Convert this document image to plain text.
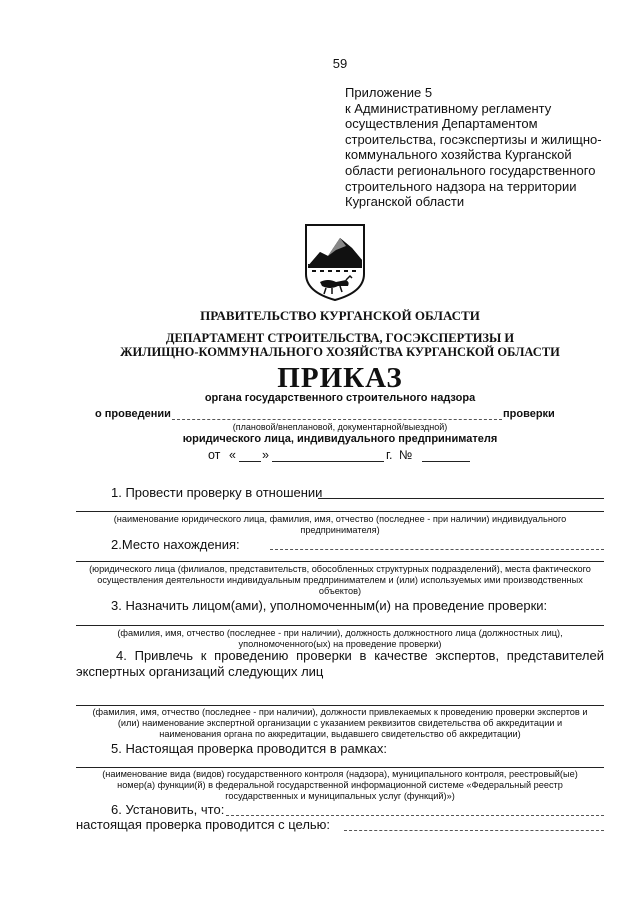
59
Приложение 5
к Административному регламенту
осуществления Департаментом
строительства, госэкспертизы и жилищно-
коммунального хозяйства Курганской
области регионального государственного
строительного надзора на территории
Курганской области
ПРАВИТЕЛЬСТВО КУРГАНСКОЙ ОБЛАСТИ
ДЕПАРТАМЕНТ СТРОИТЕЛЬСТВА, ГОСЭКСПЕРТИЗЫ И
ЖИЛИЩНО-КОММУНАЛЬНОГО ХОЗЯЙСТВА КУРГАНСКОЙ ОБЛАСТИ
ПРИКАЗ
органа государственного строительного надзора
о проведении	проверки
(плановой/внеплановой, документарной/выездной)
юридического лица, индивидуального предпринимателя
от « »	г. №
1. Провести проверку в отношении
(наименование юридического лица, фамилия, имя, отчество (последнее - при наличии) индивидуального
предпринимателя)
2.Место нахождения:
(юридического лица (филиалов, представительств, обособленных структурных подразделений), места фактического
осуществления деятельности индивидуальным предпринимателем и (или) используемых ими производственных
объектов)
3. Назначить лицом(ами), уполномоченным(и) на проведение проверки:
(фамилия, имя, отчество (последнее - при наличии), должность должностного лица (должностных лиц),
уполномоченного(ых) на проведение проверки)
4. Привлечь к проведению проверки в качестве экспертов, представителей
экспертных организаций следующих лиц
(фамилия, имя, отчество (последнее - при наличии), должности привлекаемых к проведению проверки экспертов и
(или) наименование экспертной организации с указанием реквизитов свидетельства об аккредитации и
наименования органа по аккредитации, выдавшего свидетельство об аккредитации)
5. Настоящая проверка проводится в рамках:
(наименование вида (видов) государственного контроля (надзора), муниципального контроля, реестровый(ые)
номер(а) функции(й) в федеральной государственной информационной системе «Федеральный реестр
государственных и муниципальных услуг (функций)»)
6. Установить, что:
настоящая проверка проводится с целью:
